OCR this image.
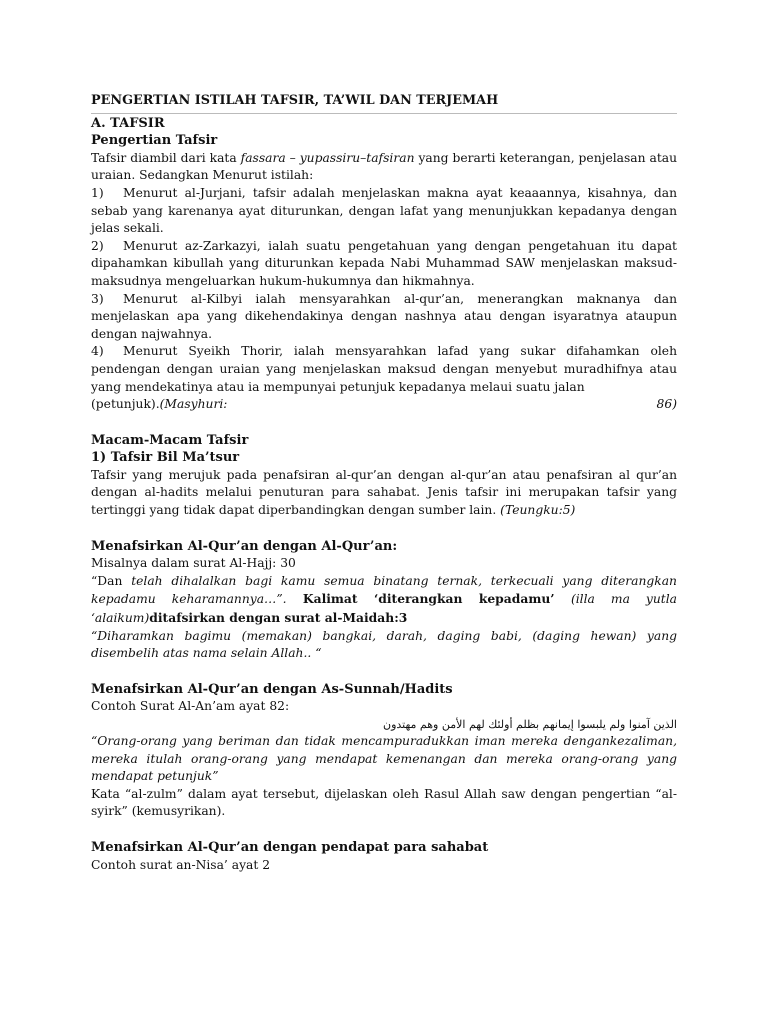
PENGERTIAN ISTILAH TAFSIR, TA’WIL DAN TERJEMAH
A. TAFSIR
Pengertian Tafsir

Tafsir diambil dari kata fassara – yupassiru–tafsiran yang berarti keterangan, penjelasan atau uraian. Sedangkan Menurut istilah:

1) Menurut al-Jurjani, tafsir adalah menjelaskan makna ayat keaaannya, kisahnya, dan sebab yang karenanya ayat diturunkan, dengan lafat yang menunjukkan kepadanya dengan jelas sekali.

2) Menurut az-Zarkazyi, ialah suatu pengetahuan yang dengan pengetahuan itu dapat dipahamkan kibullah yang diturunkan kepada Nabi Muhammad SAW menjelaskan maksud-maksudnya mengeluarkan hukum-hukumnya dan hikmahnya.

3) Menurut al-Kilbyi ialah mensyarahkan al-qur’an, menerangkan maknanya dan menjelaskan apa yang dikehendakinya dengan nashnya atau dengan isyaratnya ataupun dengan najwahnya.

4) Menurut Syeikh Thorir, ialah mensyarahkan lafad yang sukar difahamkan oleh pendengan dengan uraian yang menjelaskan maksud dengan menyebut muradhifnya atau yang mendekatinya atau ia mempunyai petunjuk kepadanya melaui suatu jalan

(petunjuk).(Masyhuri:	86)
Macam-Macam Tafsir
1) Tafsir Bil Ma’tsur

Tafsir yang merujuk pada penafsiran al-qur’an dengan al-qur’an atau penafsiran al qur’an dengan al-hadits melalui penuturan para sahabat. Jenis tafsir ini merupakan tafsir yang tertinggi yang tidak dapat diperbandingkan dengan sumber lain. (Teungku:5)

Menafsirkan Al-Qur’an dengan Al-Qur’an:

Misalnya dalam surat Al-Hajj: 30

“Dan telah dihalalkan bagi kamu semua binatang ternak, terkecuali yang diterangkan kepadamu keharamannya…”. Kalimat ‘diterangkan kepadamu’ (illa ma yutla ‘alaikum)ditafsirkan dengan surat al-Maidah:3

“Diharamkan bagimu (memakan) bangkai, darah, daging babi, (daging hewan) yang disembelih atas nama selain Allah.. “

Menafsirkan Al-Qur’an dengan As-Sunnah/Hadits

Contoh Surat Al-An’am ayat 82:

الذين آمنوا ولم يلبسوا إيمانهم بظلم أولئك لهم الأمن وهم مهتدون

“Orang-orang yang beriman dan tidak mencampuradukkan iman mereka dengankezaliman, mereka itulah orang-orang yang mendapat kemenangan dan mereka orang-orang yang mendapat petunjuk”

Kata “al-zulm” dalam ayat tersebut, dijelaskan oleh Rasul Allah saw dengan pengertian “al-syirk” (kemusyrikan).

Menafsirkan Al-Qur’an dengan pendapat para sahabat

Contoh surat an-Nisa’ ayat 2
